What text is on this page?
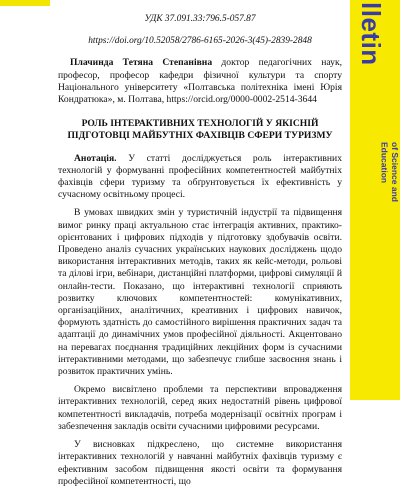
lletin
of Science and
Education
УДК 37.091.33:796.5-057.87
https://doi.org/10.52058/2786-6165-2026-3(45)-2839-2848
Плачинда Тетяна Степанівна доктор педагогічних наук, професор, професор кафедри фізичної культури та спорту Національного університету «Полтавська політехніка імені Юрія Кондратюка», м. Полтава, https://orcid.org/0000-0002-2514-3644
РОЛЬ ІНТЕРАКТИВНИХ ТЕХНОЛОГІЙ У ЯКІСНІЙ ПІДГОТОВЦІ МАЙБУТНІХ ФАХІВЦІВ СФЕРИ ТУРИЗМУ

Анотація. У статті досліджується роль інтерактивних технологій у формуванні професійних компетентностей майбутніх фахівців сфери туризму та обґрунтовується їх ефективність у сучасному освітньому процесі.

В умовах швидких змін у туристичній індустрії та підвищення вимог ринку праці актуальною стає інтеграція активних, практико-орієнтованих і цифрових підходів у підготовку здобувачів освіти. Проведено аналіз сучасних українських наукових досліджень щодо використання інтерактивних методів, таких як кейс-методи, рольові та ділові ігри, вебінари, дистанційні платформи, цифрові симуляції й онлайн-тести. Показано, що інтерактивні технології сприяють розвитку ключових компетентностей: комунікативних, організаційних, аналітичних, креативних і цифрових навичок, формують здатність до самостійного вирішення практичних задач та адаптації до динамічних умов професійної діяльності. Акцентовано на перевагах поєднання традиційних лекційних форм із сучасними інтерактивними методами, що забезпечує глибше засвоєння знань і розвиток практичних умінь.

Окремо висвітлено проблеми та перспективи впровадження інтерактивних технологій, серед яких недостатній рівень цифрової компетентності викладачів, потреба модернізації освітніх програм і забезпечення закладів освіти сучасними цифровими ресурсами.

У висновках підкреслено, що системне використання інтерактивних технологій у навчанні майбутніх фахівців туризму є ефективним засобом підвищення якості освіти та формування професійної компетентності, що
